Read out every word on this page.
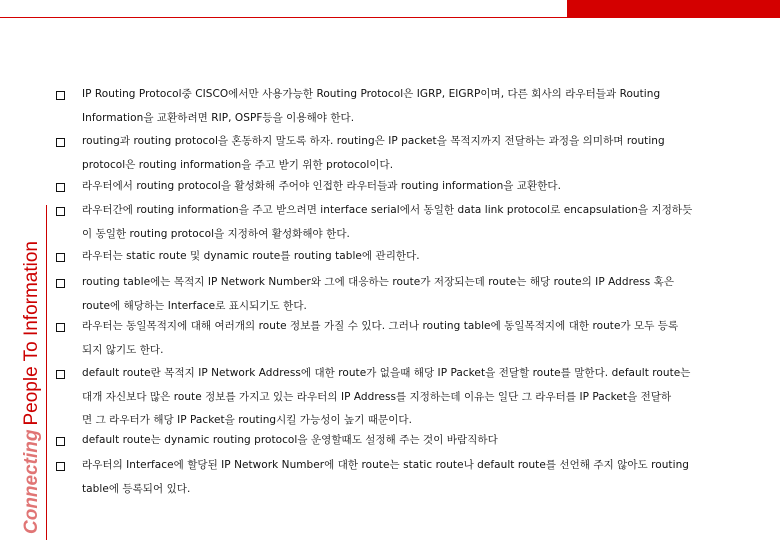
ConnectingPeople To Information
IP Routing Protocol중 CISCO에서만 사용가능한 Routing Protocol은 IGRP, EIGRP이며, 다른 회사의 라우터들과 Routing
Information을 교환하려면 RIP, OSPF등을 이용해야 한다.
routing과 routing protocol을 혼동하지 말도록 하자. routing은 IP packet을 목적지까지 전달하는 과정을 의미하며 routing
protocol은 routing information을 주고 받기 위한 protocol이다.
라우터에서 routing protocol을 활성화해 주어야 인접한 라우터들과 routing information을 교환한다.
라우터간에 routing information을 주고 받으려면 interface serial에서 동일한 data link protocol로 encapsulation을 지정하듯
이 동일한 routing protocol을 지정하여 활성화해야 한다.
라우터는 static route 및 dynamic route를 routing table에 관리한다.
routing table에는 목적지 IP Network Number와 그에 대응하는 route가 저장되는데 route는 해당 route의 IP Address 혹은
route에 해당하는 Interface로 표시되기도 한다.
라우터는 동일목적지에 대해 여러개의 route 정보를 가질 수 있다. 그러나 routing table에 동일목적지에 대한 route가 모두 등록
되지 않기도 한다.
default route란 목적지 IP Network Address에 대한 route가 없을때 해당 IP Packet을 전달할 route를 말한다. default route는
대개 자신보다 많은 route 정보를 가지고 있는 라우터의 IP Address를 지정하는데 이유는 일단 그 라우터를 IP Packet을 전달하
면 그 라우터가 해당 IP Packet을 routing시킬 가능성이 높기 때문이다.
default route는 dynamic routing protocol을 운영할때도 설정해 주는 것이 바람직하다
라우터의 Interface에 할당된 IP Network Number에 대한 route는 static route나 default route를 선언해 주지 않아도 routing
table에 등록되어 있다.
